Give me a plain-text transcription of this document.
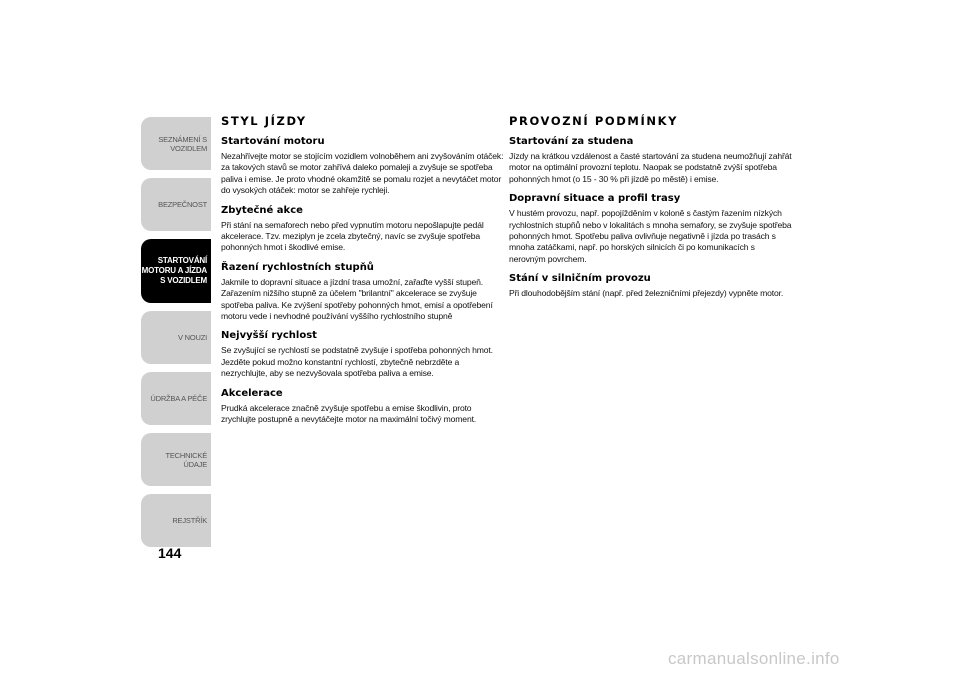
SEZNÁMENÍ S
VOZIDLEM
BEZPEČNOST
STARTOVÁNÍ
MOTORU A JÍZDA
S VOZIDLEM
V NOUZI
ÚDRŽBA A PÉČE
TECHNICKÉ ÚDAJE
REJSTŘÍK
144
STYL JÍZDY
Startování motoru

Nezahřívejte motor se stojícím vozidlem volnoběhem ani zvyšováním otáček: za takových stavů se motor zahřívá daleko pomaleji a zvyšuje se spotřeba paliva i emise. Je proto vhodné okamžitě se pomalu rozjet a nevytáčet motor do vysokých otáček: motor se zahřeje rychleji.

Zbytečné akce

Při stání na semaforech nebo před vypnutím motoru nepošlapujte pedál akcelerace. Tzv. meziplyn je zcela zbytečný, navíc se zvyšuje spotřeba pohonných hmot i škodlivé emise.

Řazení rychlostních stupňů

Jakmile to dopravní situace a jízdní trasa umožní, zařaďte vyšší stupeň. Zařazením nižšího stupně za účelem "brilantní" akcelerace se zvyšuje spotřeba paliva. Ke zvýšení spotřeby pohonných hmot, emisí a opotřebení motoru vede i nevhodné používání vyššího rychlostního stupně

Nejvyšší rychlost

Se zvyšující se rychlostí se podstatně zvyšuje i spotřeba pohonných hmot. Jezděte pokud možno konstantní rychlostí, zbytečně nebrzděte a nezrychlujte, aby se nezvyšovala spotřeba paliva a emise.

Akcelerace

Prudká akcelerace značně zvyšuje spotřebu a emise škodlivin, proto zrychlujte postupně a nevytáčejte motor na maximální točivý moment.

PROVOZNÍ PODMÍNKY
Startování za studena

Jízdy na krátkou vzdálenost a časté startování za studena neumožňují zahřát motor na optimální provozní teplotu. Naopak se podstatně zvýší spotřeba pohonných hmot (o 15 - 30 % při jízdě po městě) i emise.

Dopravní situace a profil trasy

V hustém provozu, např. popojížděním v koloně s častým řazením nízkých rychlostních stupňů nebo v lokalitách s mnoha semafory, se zvyšuje spotřeba pohonných hmot. Spotřebu paliva ovlivňuje negativně i jízda po trasách s mnoha zatáčkami, např. po horských silnicích či po komunikacích s nerovným povrchem.

Stání v silničním provozu

Při dlouhodobějším stání (např. před železničními přejezdy) vypněte motor.

carmanualsonline.info
